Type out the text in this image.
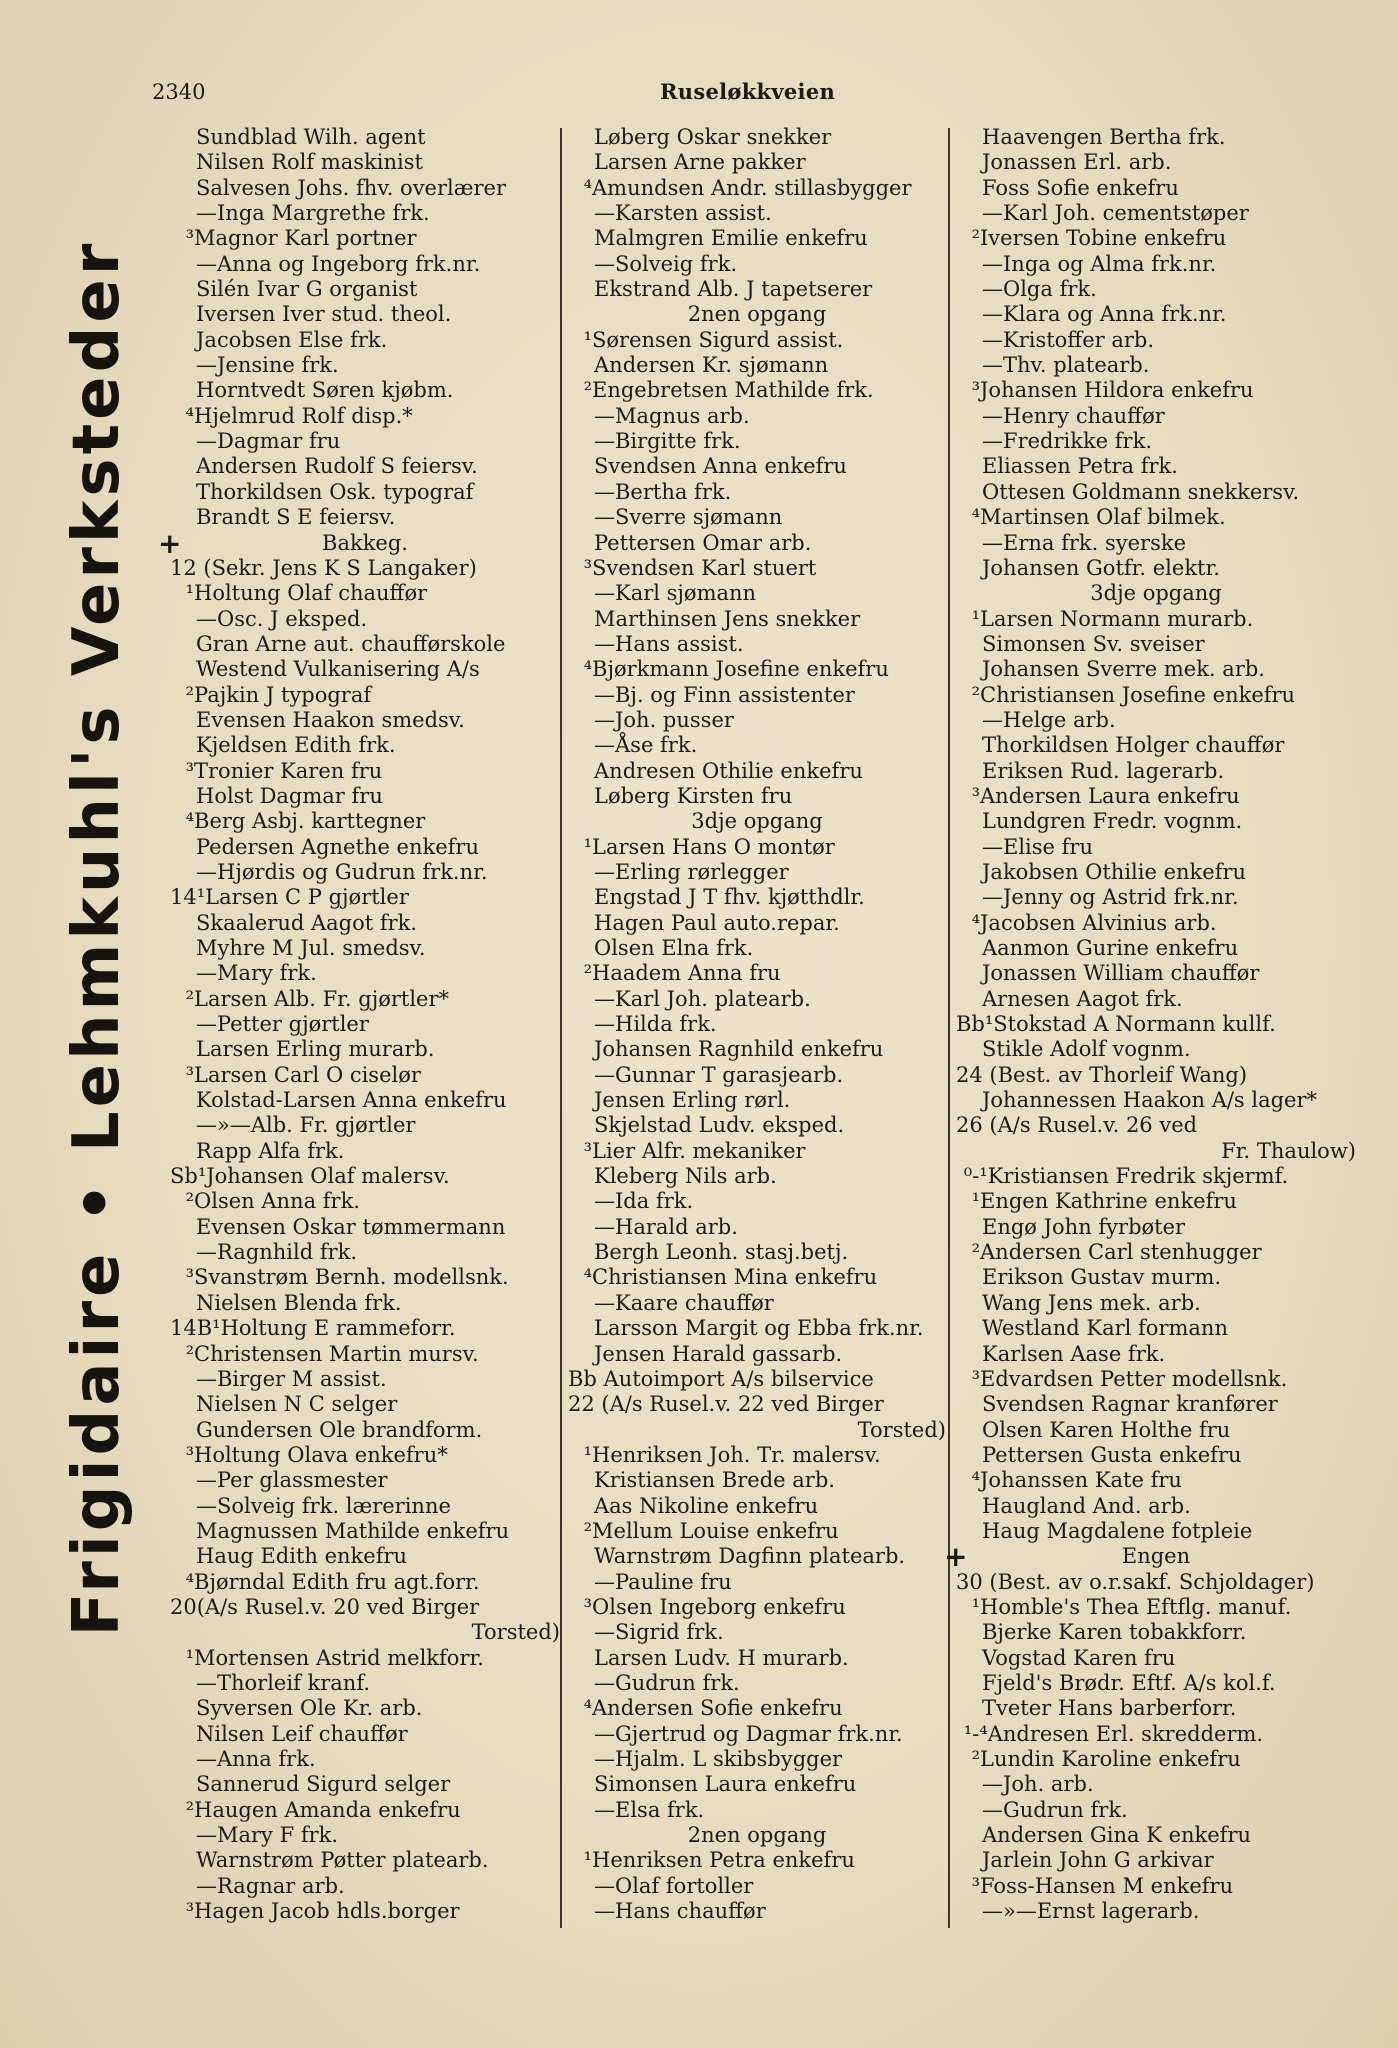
2340	Ruseløkkveien
Frigidaire • Lehmkuhl's Verksteder
Sundblad Wilh. agent
Nilsen Rolf maskinist
Salvesen Johs. fhv. overlærer
—Inga Margrethe frk.
³Magnor Karl portner
—Anna og Ingeborg frk.nr.
Silén Ivar G organist
Iversen Iver stud. theol.
Jacobsen Else frk.
—Jensine frk.
Horntvedt Søren kjøbm.
⁴Hjelmrud Rolf disp.*
—Dagmar fru
Andersen Rudolf S feiersv.
Thorkildsen Osk. typograf
Brandt S E feiersv.
+	Bakkeg.
12 (Sekr. Jens K S Langaker)
¹Holtung Olaf chauffør
—Osc. J eksped.
Gran Arne aut. chaufførskole
Westend Vulkanisering A/s
²Pajkin J typograf
Evensen Haakon smedsv.
Kjeldsen Edith frk.
³Tronier Karen fru
Holst Dagmar fru
⁴Berg Asbj. karttegner
Pedersen Agnethe enkefru
—Hjørdis og Gudrun frk.nr.
14¹Larsen C P gjørtler
Skaalerud Aagot frk.
Myhre M Jul. smedsv.
—Mary frk.
²Larsen Alb. Fr. gjørtler*
—Petter gjørtler
Larsen Erling murarb.
³Larsen Carl O ciselør
Kolstad-Larsen Anna enkefru
—»—Alb. Fr. gjørtler
Rapp Alfa frk.
Sb¹Johansen Olaf malersv.
²Olsen Anna frk.
Evensen Oskar tømmermann
—Ragnhild frk.
³Svanstrøm Bernh. modellsnk.
Nielsen Blenda frk.
14B¹Holtung E rammeforr.
²Christensen Martin mursv.
—Birger M assist.
Nielsen N C selger
Gundersen Ole brandform.
³Holtung Olava enkefru*
—Per glassmester
—Solveig frk. lærerinne
Magnussen Mathilde enkefru
Haug Edith enkefru
⁴Bjørndal Edith fru agt.forr.
20(A/s Rusel.v. 20 ved Birger
Torsted)
¹Mortensen Astrid melkforr.
—Thorleif kranf.
Syversen Ole Kr. arb.
Nilsen Leif chauffør
—Anna frk.
Sannerud Sigurd selger
²Haugen Amanda enkefru
—Mary F frk.
Warnstrøm Pøtter platearb.
—Ragnar arb.
³Hagen Jacob hdls.borger
Løberg Oskar snekker
Larsen Arne pakker
⁴Amundsen Andr. stillasbygger
—Karsten assist.
Malmgren Emilie enkefru
—Solveig frk.
Ekstrand Alb. J tapetserer
2nen opgang
¹Sørensen Sigurd assist.
Andersen Kr. sjømann
²Engebretsen Mathilde frk.
—Magnus arb.
—Birgitte frk.
Svendsen Anna enkefru
—Bertha frk.
—Sverre sjømann
Pettersen Omar arb.
³Svendsen Karl stuert
—Karl sjømann
Marthinsen Jens snekker
—Hans assist.
⁴Bjørkmann Josefine enkefru
—Bj. og Finn assistenter
—Joh. pusser
—Åse frk.
Andresen Othilie enkefru
Løberg Kirsten fru
3dje opgang
¹Larsen Hans O montør
—Erling rørlegger
Engstad J T fhv. kjøtthdlr.
Hagen Paul auto.repar.
Olsen Elna frk.
²Haadem Anna fru
—Karl Joh. platearb.
—Hilda frk.
Johansen Ragnhild enkefru
—Gunnar T garasjearb.
Jensen Erling rørl.
Skjelstad Ludv. eksped.
³Lier Alfr. mekaniker
Kleberg Nils arb.
—Ida frk.
—Harald arb.
Bergh Leonh. stasj.betj.
⁴Christiansen Mina enkefru
—Kaare chauffør
Larsson Margit og Ebba frk.nr.
Jensen Harald gassarb.
Bb Autoimport A/s bilservice
22 (A/s Rusel.v. 22 ved Birger
Torsted)
¹Henriksen Joh. Tr. malersv.
Kristiansen Brede arb.
Aas Nikoline enkefru
²Mellum Louise enkefru
Warnstrøm Dagfinn platearb.
—Pauline fru
³Olsen Ingeborg enkefru
—Sigrid frk.
Larsen Ludv. H murarb.
—Gudrun frk.
⁴Andersen Sofie enkefru
—Gjertrud og Dagmar frk.nr.
—Hjalm. L skibsbygger
Simonsen Laura enkefru
—Elsa frk.
2nen opgang
¹Henriksen Petra enkefru
—Olaf fortoller
—Hans chauffør
Haavengen Bertha frk.
Jonassen Erl. arb.
Foss Sofie enkefru
—Karl Joh. cementstøper
²Iversen Tobine enkefru
—Inga og Alma frk.nr.
—Olga frk.
—Klara og Anna frk.nr.
—Kristoffer arb.
—Thv. platearb.
³Johansen Hildora enkefru
—Henry chauffør
—Fredrikke frk.
Eliassen Petra frk.
Ottesen Goldmann snekkersv.
⁴Martinsen Olaf bilmek.
—Erna frk. syerske
Johansen Gotfr. elektr.
3dje opgang
¹Larsen Normann murarb.
Simonsen Sv. sveiser
Johansen Sverre mek. arb.
²Christiansen Josefine enkefru
—Helge arb.
Thorkildsen Holger chauffør
Eriksen Rud. lagerarb.
³Andersen Laura enkefru
Lundgren Fredr. vognm.
—Elise fru
Jakobsen Othilie enkefru
—Jenny og Astrid frk.nr.
⁴Jacobsen Alvinius arb.
Aanmon Gurine enkefru
Jonassen William chauffør
Arnesen Aagot frk.
Bb¹Stokstad A Normann kullf.
Stikle Adolf vognm.
24 (Best. av Thorleif Wang)
Johannessen Haakon A/s lager*
26 (A/s Rusel.v. 26 ved
Fr. Thaulow)
⁰‑¹Kristiansen Fredrik skjermf.
¹Engen Kathrine enkefru
Engø John fyrbøter
²Andersen Carl stenhugger
Erikson Gustav murm.
Wang Jens mek. arb.
Westland Karl formann
Karlsen Aase frk.
³Edvardsen Petter modellsnk.
Svendsen Ragnar kranfører
Olsen Karen Holthe fru
Pettersen Gusta enkefru
⁴Johanssen Kate fru
Haugland And. arb.
Haug Magdalene fotpleie
+	Engen
30 (Best. av o.r.sakf. Schjoldager)
¹Homble's Thea Eftflg. manuf.
Bjerke Karen tobakkforr.
Vogstad Karen fru
Fjeld's Brødr. Eftf. A/s kol.f.
Tveter Hans barberforr.
¹‑⁴Andresen Erl. skredderm.
²Lundin Karoline enkefru
—Joh. arb.
—Gudrun frk.
Andersen Gina K enkefru
Jarlein John G arkivar
³Foss-Hansen M enkefru
—»—Ernst lagerarb.
